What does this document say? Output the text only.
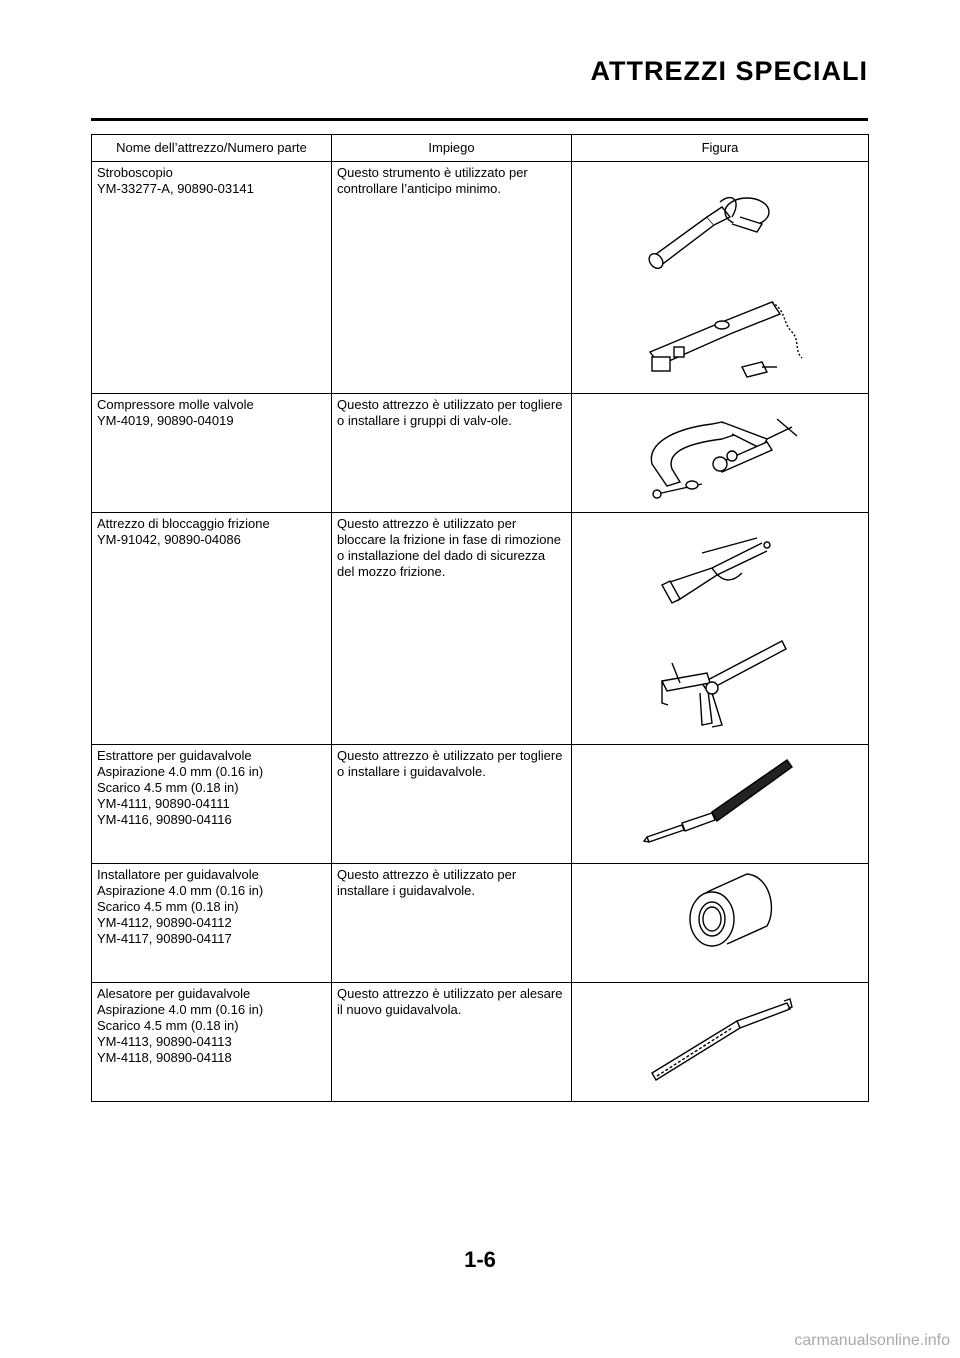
ATTREZZI SPECIALI
Nome dell’attrezzo/Numero parte	Impiego	Figura

Stroboscopio
YM-33277-A, 90890-03141	Questo strumento è utilizzato per controllare l’anticipo minimo.

Compressore molle valvole
YM-4019, 90890-04019	Questo attrezzo è utilizzato per togliere o installare i gruppi di valv-ole.

Attrezzo di bloccaggio frizione
YM-91042, 90890-04086	Questo attrezzo è utilizzato per bloccare la frizione in fase di rimozione o installazione del dado di sicurezza del mozzo frizione.

Estrattore per guidavalvole
Aspirazione 4.0 mm (0.16 in)
Scarico 4.5 mm (0.18 in)
YM-4111, 90890-04111
YM-4116, 90890-04116	Questo attrezzo è utilizzato per togliere o installare i guidavalvole.

Installatore per guidavalvole
Aspirazione 4.0 mm (0.16 in)
Scarico 4.5 mm (0.18 in)
YM-4112, 90890-04112
YM-4117, 90890-04117	Questo attrezzo è utilizzato per installare i guidavalvole.

Alesatore per guidavalvole
Aspirazione 4.0 mm (0.16 in)
Scarico 4.5 mm (0.18 in)
YM-4113, 90890-04113
YM-4118, 90890-04118	Questo attrezzo è utilizzato per alesare il nuovo guidavalvola.

1-6
carmanualsonline.info
